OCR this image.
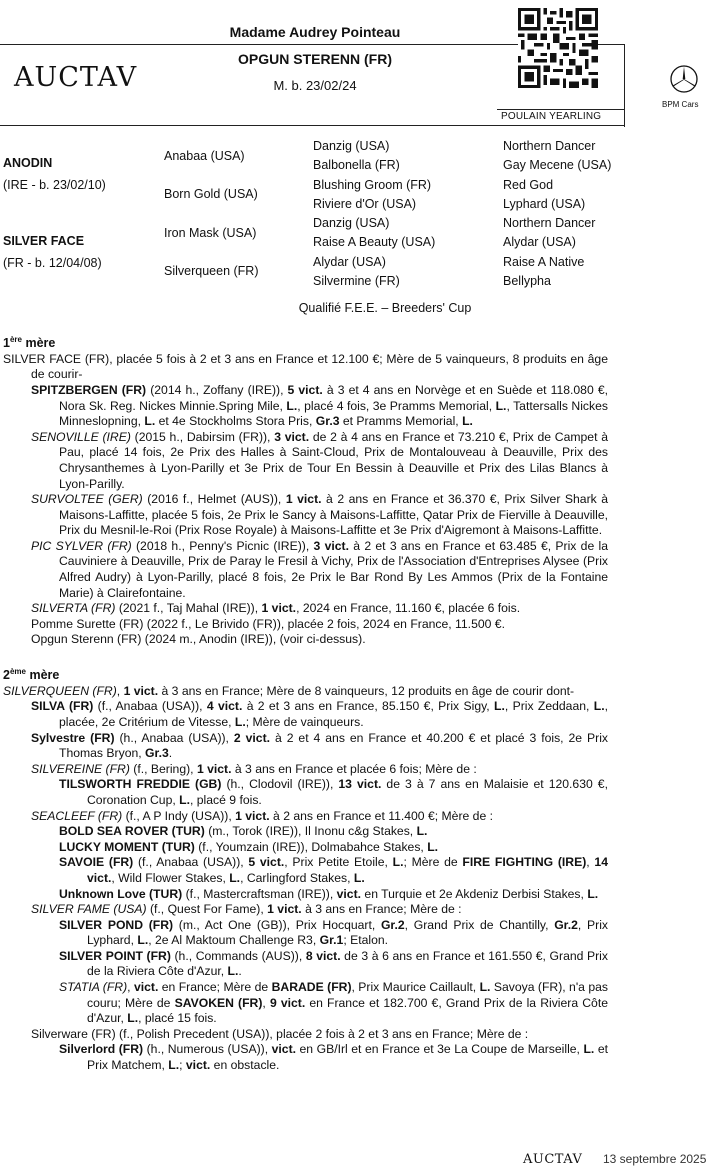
Madame Audrey Pointeau
AUCTAV
OPGUN STERENN (FR)
M. b. 23/02/24
POULAIN YEARLING
BPM Cars
ANODIN
(IRE - b. 23/02/10)
SILVER FACE
(FR - b. 12/04/08)
Anabaa (USA)
Born Gold (USA)
Iron Mask (USA)
Silverqueen (FR)
Danzig (USA)
Balbonella (FR)
Blushing Groom (FR)
Riviere d'Or (USA)
Danzig (USA)
Raise A Beauty (USA)
Alydar (USA)
Silvermine (FR)
Northern Dancer
Gay Mecene (USA)
Red God
Lyphard (USA)
Northern Dancer
Alydar (USA)
Raise A Native
Bellypha
Qualifié F.E.E. – Breeders' Cup
1ère mère

SILVER FACE (FR), placée 5 fois à 2 et 3 ans en France et 12.100 €; Mère de 5 vainqueurs, 8 produits en âge de courir-

SPITZBERGEN (FR) (2014 h., Zoffany (IRE)), 5 vict. à 3 et 4 ans en Norvège et en Suède et 118.080 €, Nora Sk. Reg. Nickes Minnie.Spring Mile, L., placé 4 fois, 3e Pramms Memorial, L., Tattersalls Nickes Minneslopning, L. et 4e Stockholms Stora Pris, Gr.3 et Pramms Memorial, L.

SENOVILLE (IRE) (2015 h., Dabirsim (FR)), 3 vict. de 2 à 4 ans en France et 73.210 €, Prix de Campet à Pau, placé 14 fois, 2e Prix des Halles à Saint-Cloud, Prix de Montalouveau à Deauville, Prix des Chrysanthemes à Lyon-Parilly et 3e Prix de Tour En Bessin à Deauville et Prix des Lilas Blancs à Lyon-Parilly.

SURVOLTEE (GER) (2016 f., Helmet (AUS)), 1 vict. à 2 ans en France et 36.370 €, Prix Silver Shark à Maisons-Laffitte, placée 5 fois, 2e Prix le Sancy à Maisons-Laffitte, Qatar Prix de Fierville à Deauville, Prix du Mesnil-le-Roi (Prix Rose Royale) à Maisons-Laffitte et 3e Prix d'Aigremont à Maisons-Laffitte.

PIC SYLVER (FR) (2018 h., Penny's Picnic (IRE)), 3 vict. à 2 et 3 ans en France et 63.485 €, Prix de la Cauviniere à Deauville, Prix de Paray le Fresil à Vichy, Prix de l'Association d'Entreprises Alysee (Prix Alfred Audry) à Lyon-Parilly, placé 8 fois, 2e Prix le Bar Rond By Les Ammos (Prix de la Fontaine Marie) à Clairefontaine.

SILVERTA (FR) (2021 f., Taj Mahal (IRE)), 1 vict., 2024 en France, 11.160 €, placée 6 fois.

Pomme Surette (FR) (2022 f., Le Brivido (FR)), placée 2 fois, 2024 en France, 11.500 €.

Opgun Sterenn (FR) (2024 m., Anodin (IRE)), (voir ci-dessus).

2ème mère

SILVERQUEEN (FR), 1 vict. à 3 ans en France; Mère de 8 vainqueurs, 12 produits en âge de courir dont-

SILVA (FR) (f., Anabaa (USA)), 4 vict. à 2 et 3 ans en France, 85.150 €, Prix Sigy, L., Prix Zeddaan, L., placée, 2e Critérium de Vitesse, L.; Mère de vainqueurs.

Sylvestre (FR) (h., Anabaa (USA)), 2 vict. à 2 et 4 ans en France et 40.200 € et placé 3 fois, 2e Prix Thomas Bryon, Gr.3.

SILVEREINE (FR) (f., Bering), 1 vict. à 3 ans en France et placée 6 fois; Mère de :

TILSWORTH FREDDIE (GB) (h., Clodovil (IRE)), 13 vict. de 3 à 7 ans en Malaisie et 120.630 €, Coronation Cup, L., placé 9 fois.

SEACLEEF (FR) (f., A P Indy (USA)), 1 vict. à 2 ans en France et 11.400 €; Mère de :

BOLD SEA ROVER (TUR) (m., Torok (IRE)), Il Inonu c&g Stakes, L.

LUCKY MOMENT (TUR) (f., Youmzain (IRE)), Dolmabahce Stakes, L.

SAVOIE (FR) (f., Anabaa (USA)), 5 vict., Prix Petite Etoile, L.; Mère de FIRE FIGHTING (IRE), 14 vict., Wild Flower Stakes, L., Carlingford Stakes, L.

Unknown Love (TUR) (f., Mastercraftsman (IRE)), vict. en Turquie et 2e Akdeniz Derbisi Stakes, L.

SILVER FAME (USA) (f., Quest For Fame), 1 vict. à 3 ans en France; Mère de :

SILVER POND (FR) (m., Act One (GB)), Prix Hocquart, Gr.2, Grand Prix de Chantilly, Gr.2, Prix Lyphard, L., 2e Al Maktoum Challenge R3, Gr.1; Etalon.

SILVER POINT (FR) (h., Commands (AUS)), 8 vict. de 3 à 6 ans en France et 161.550 €, Grand Prix de la Riviera Côte d'Azur, L..

STATIA (FR), vict. en France; Mère de BARADE (FR), Prix Maurice Caillault, L. Savoya (FR), n'a pas couru; Mère de SAVOKEN (FR), 9 vict. en France et 182.700 €, Grand Prix de la Riviera Côte d'Azur, L., placé 15 fois.

Silverware (FR) (f., Polish Precedent (USA)), placée 2 fois à 2 et 3 ans en France; Mère de :

Silverlord (FR) (h., Numerous (USA)), vict. en GB/Irl et en France et 3e La Coupe de Marseille, L. et Prix Matchem, L.; vict. en obstacle.

AUCTAV 13 septembre 2025
